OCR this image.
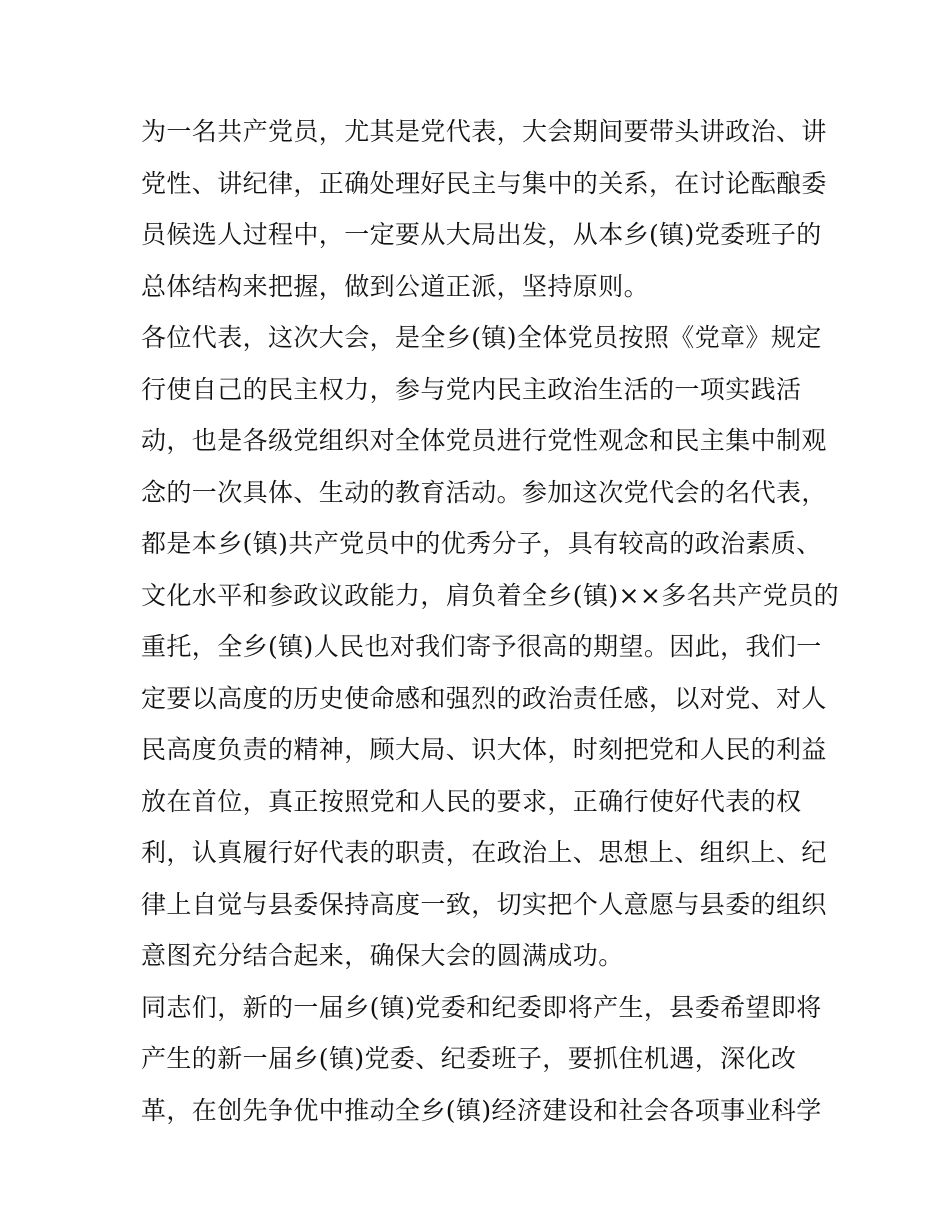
为一名共产党员，尤其是党代表，大会期间要带头讲政治、讲
党性、讲纪律，正确处理好民主与集中的关系，在讨论酝酿委
员候选人过程中，一定要从大局出发，从本乡(镇)党委班子的
总体结构来把握，做到公道正派，坚持原则。
各位代表，这次大会，是全乡(镇)全体党员按照《党章》规定
行使自己的民主权力，参与党内民主政治生活的一项实践活
动，也是各级党组织对全体党员进行党性观念和民主集中制观
念的一次具体、生动的教育活动。参加这次党代会的名代表，
都是本乡(镇)共产党员中的优秀分子，具有较高的政治素质、
文化水平和参政议政能力，肩负着全乡(镇)××多名共产党员的
重托，全乡(镇)人民也对我们寄予很高的期望。因此，我们一
定要以高度的历史使命感和强烈的政治责任感，以对党、对人
民高度负责的精神，顾大局、识大体，时刻把党和人民的利益
放在首位，真正按照党和人民的要求，正确行使好代表的权
利，认真履行好代表的职责，在政治上、思想上、组织上、纪
律上自觉与县委保持高度一致，切实把个人意愿与县委的组织
意图充分结合起来，确保大会的圆满成功。
同志们，新的一届乡(镇)党委和纪委即将产生，县委希望即将
产生的新一届乡(镇)党委、纪委班子，要抓住机遇，深化改
革，在创先争优中推动全乡(镇)经济建设和社会各项事业科学
